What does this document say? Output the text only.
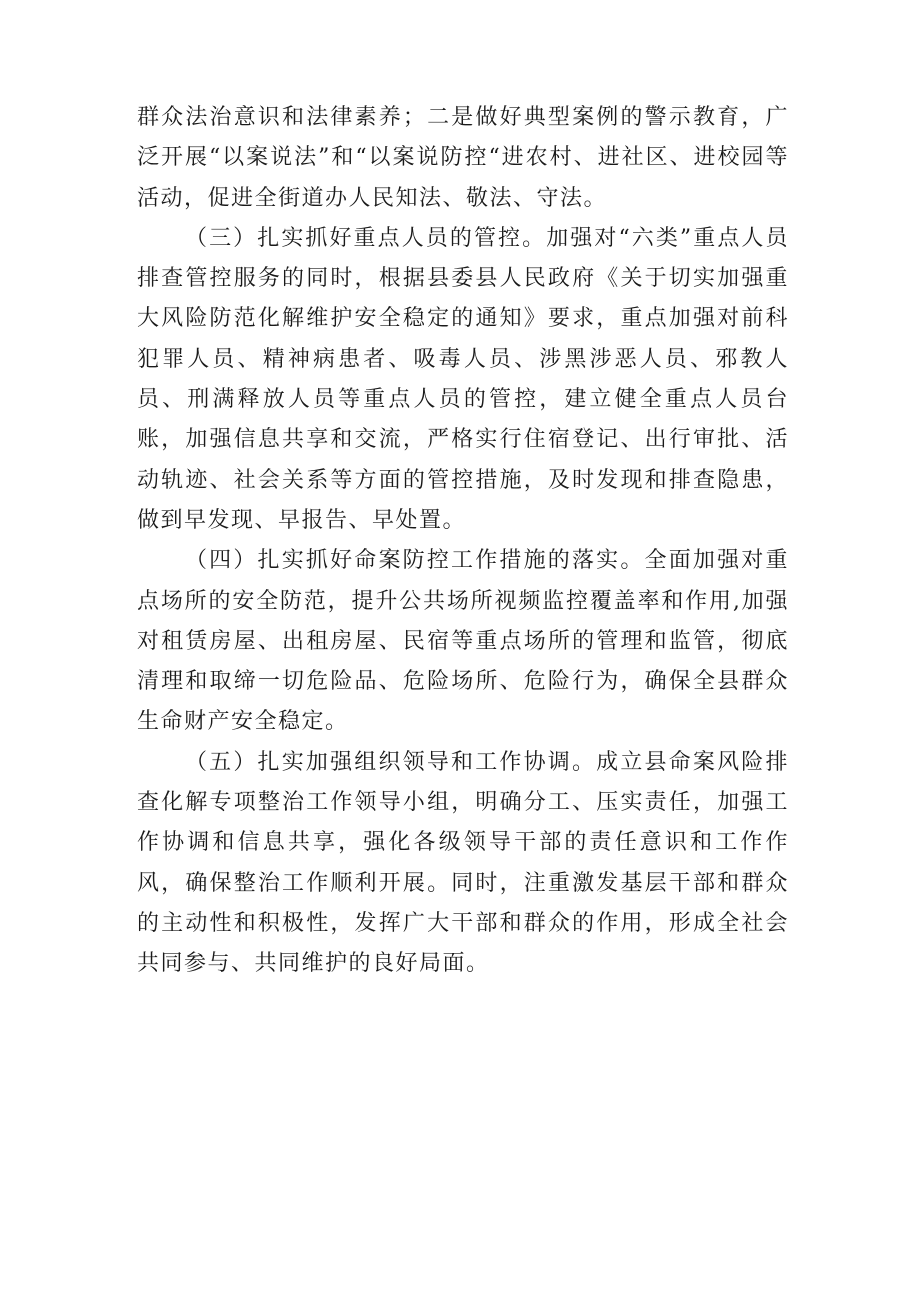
群众法治意识和法律素养；二是做好典型案例的警示教育，广泛开展“以案说法”和“以案说防控“进农村、进社区、进校园等活动，促进全街道办人民知法、敬法、守法。

（三）扎实抓好重点人员的管控。加强对“六类”重点人员排查管控服务的同时，根据县委县人民政府《关于切实加强重大风险防范化解维护安全稳定的通知》要求，重点加强对前科犯罪人员、精神病患者、吸毒人员、涉黑涉恶人员、邪教人员、刑满释放人员等重点人员的管控，建立健全重点人员台账，加强信息共享和交流，严格实行住宿登记、出行审批、活动轨迹、社会关系等方面的管控措施，及时发现和排查隐患，做到早发现、早报告、早处置。

（四）扎实抓好命案防控工作措施的落实。全面加强对重点场所的安全防范，提升公共场所视频监控覆盖率和作用,加强对租赁房屋、出租房屋、民宿等重点场所的管理和监管，彻底清理和取缔一切危险品、危险场所、危险行为，确保全县群众生命财产安全稳定。

（五）扎实加强组织领导和工作协调。成立县命案风险排查化解专项整治工作领导小组，明确分工、压实责任，加强工作协调和信息共享，强化各级领导干部的责任意识和工作作风，确保整治工作顺利开展。同时，注重激发基层干部和群众的主动性和积极性，发挥广大干部和群众的作用，形成全社会共同参与、共同维护的良好局面。
